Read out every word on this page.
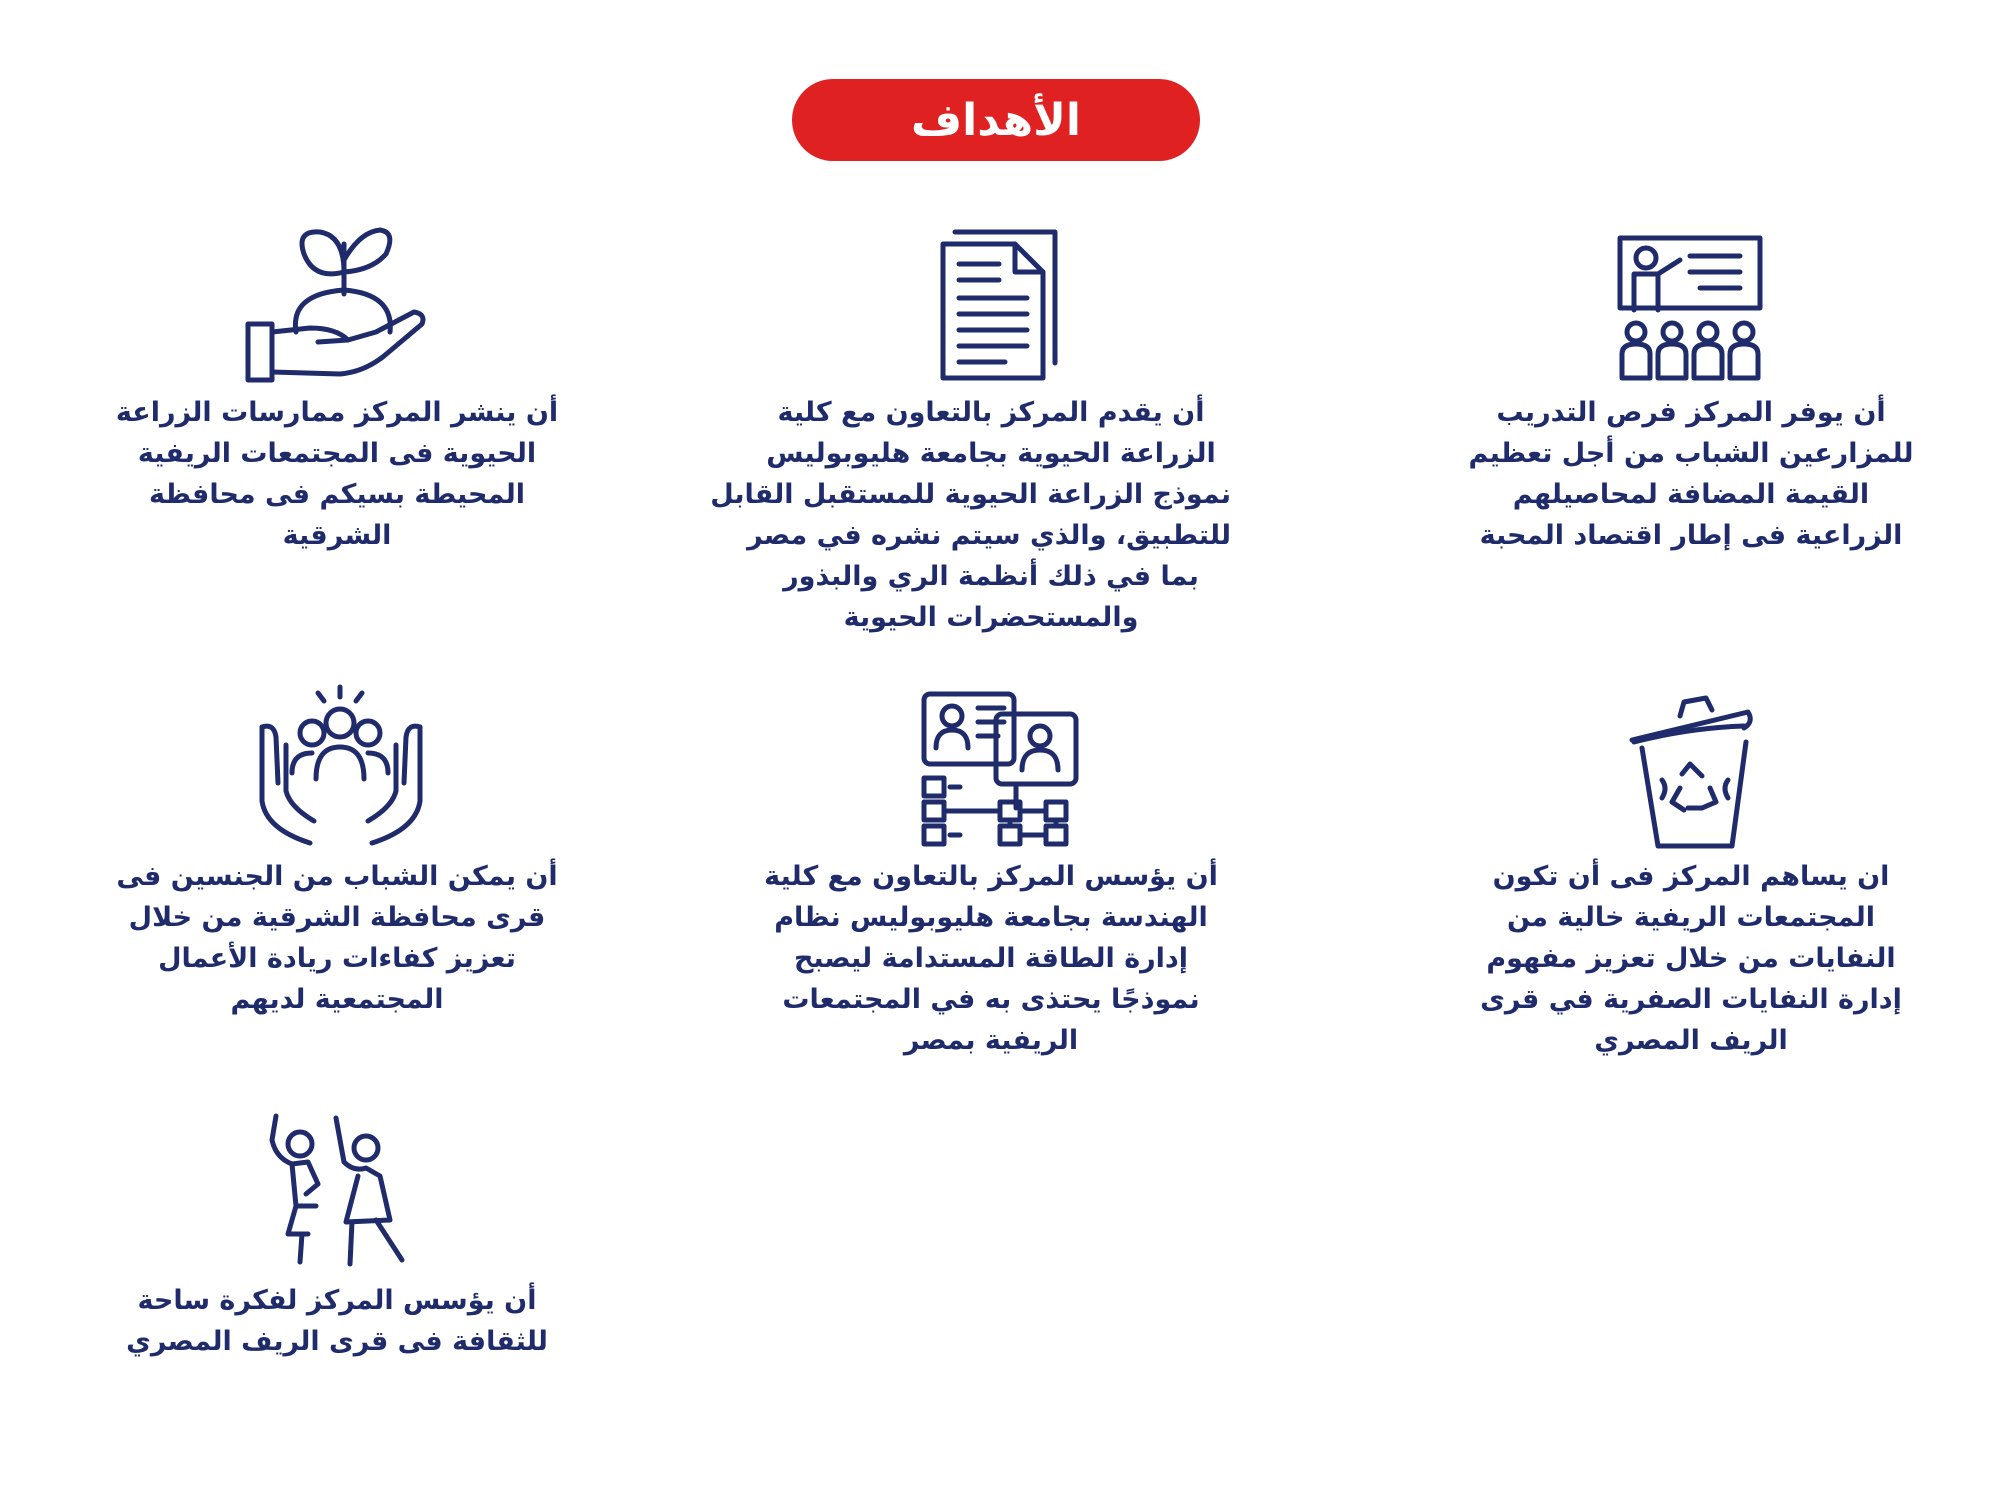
الأهداف
أن يوفر المركز فرص التدريب
للمزارعين الشباب من أجل تعظيم
القيمة المضافة لمحاصيلهم
الزراعية فى إطار اقتصاد المحبة
أن يقدم المركز بالتعاون مع كلية
الزراعة الحيوية بجامعة هليوبوليس
نموذج الزراعة الحيوية للمستقبل القابل
للتطبيق، والذي سيتم نشره في مصر
بما في ذلك أنظمة الري والبذور
والمستحضرات الحيوية
أن ينشر المركز ممارسات الزراعة
الحيوية فى المجتمعات الريفية
المحيطة بسيكم فى محافظة
الشرقية
ان يساهم المركز فى أن تكون
المجتمعات الريفية خالية من
النفايات من خلال تعزيز مفهوم
إدارة النفايات الصفرية في قرى
الريف المصري
أن يؤسس المركز بالتعاون مع كلية
الهندسة بجامعة هليوبوليس نظام
إدارة الطاقة المستدامة ليصبح
نموذجًا يحتذى به في المجتمعات
الريفية بمصر
أن يمكن الشباب من الجنسين فى
قرى محافظة الشرقية من خلال
تعزيز كفاءات ريادة الأعمال
المجتمعية لديهم
أن يؤسس المركز لفكرة ساحة
للثقافة فى قرى الريف المصري
